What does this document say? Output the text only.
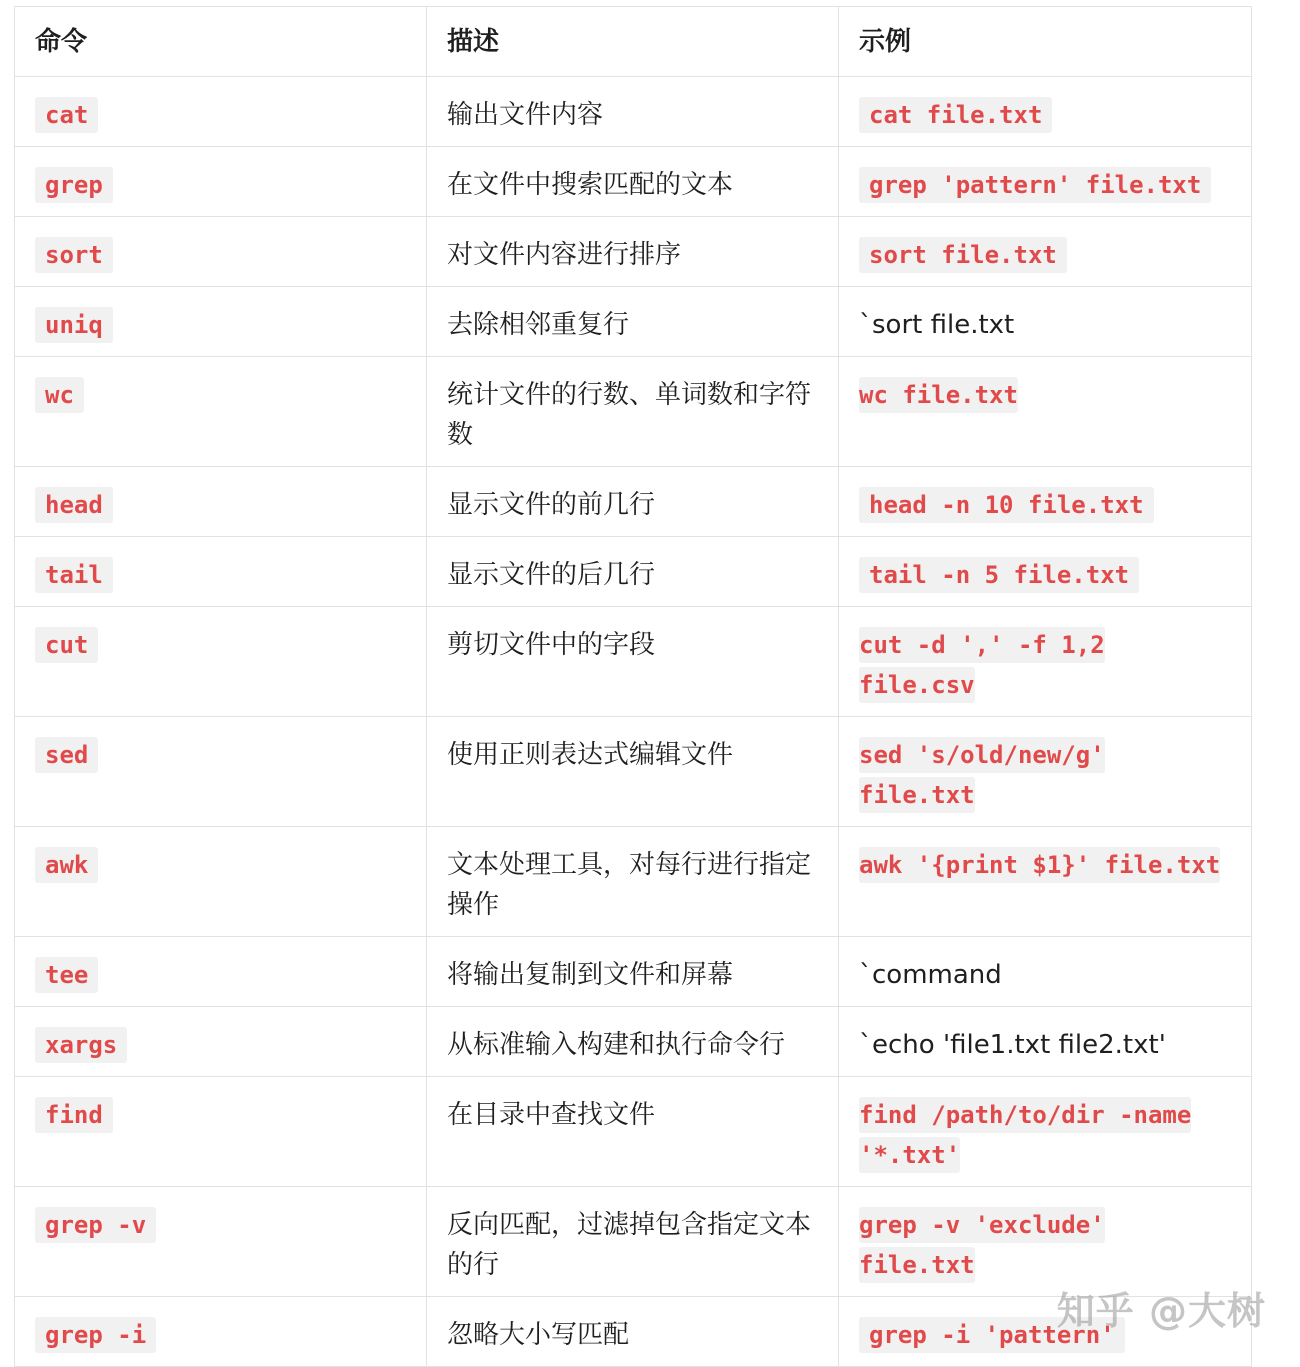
命令	描述	示例
cat	输出文件内容	cat file.txt
grep	在文件中搜索匹配的文本	grep 'pattern' file.txt
sort	对文件内容进行排序	sort file.txt
uniq	去除相邻重复行	`sort file.txt
wc	统计文件的行数、单词数和字符数	wc file.txt
head	显示文件的前几行	head -n 10 file.txt
tail	显示文件的后几行	tail -n 5 file.txt
cut	剪切文件中的字段	cut -d ',' -f 1,2 file.csv
sed	使用正则表达式编辑文件	sed 's/old/new/g' file.txt
awk	文本处理工具，对每行进行指定操作	awk '{print $1}' file.txt
tee	将输出复制到文件和屏幕	`command
xargs	从标准输入构建和执行命令行	`echo 'file1.txt file2.txt'
find	在目录中查找文件	find /path/to/dir -name '*.txt'
grep -v	反向匹配，过滤掉包含指定文本的行	grep -v 'exclude' file.txt
grep -i	忽略大小写匹配	grep -i 'pattern'
知乎 @大树
